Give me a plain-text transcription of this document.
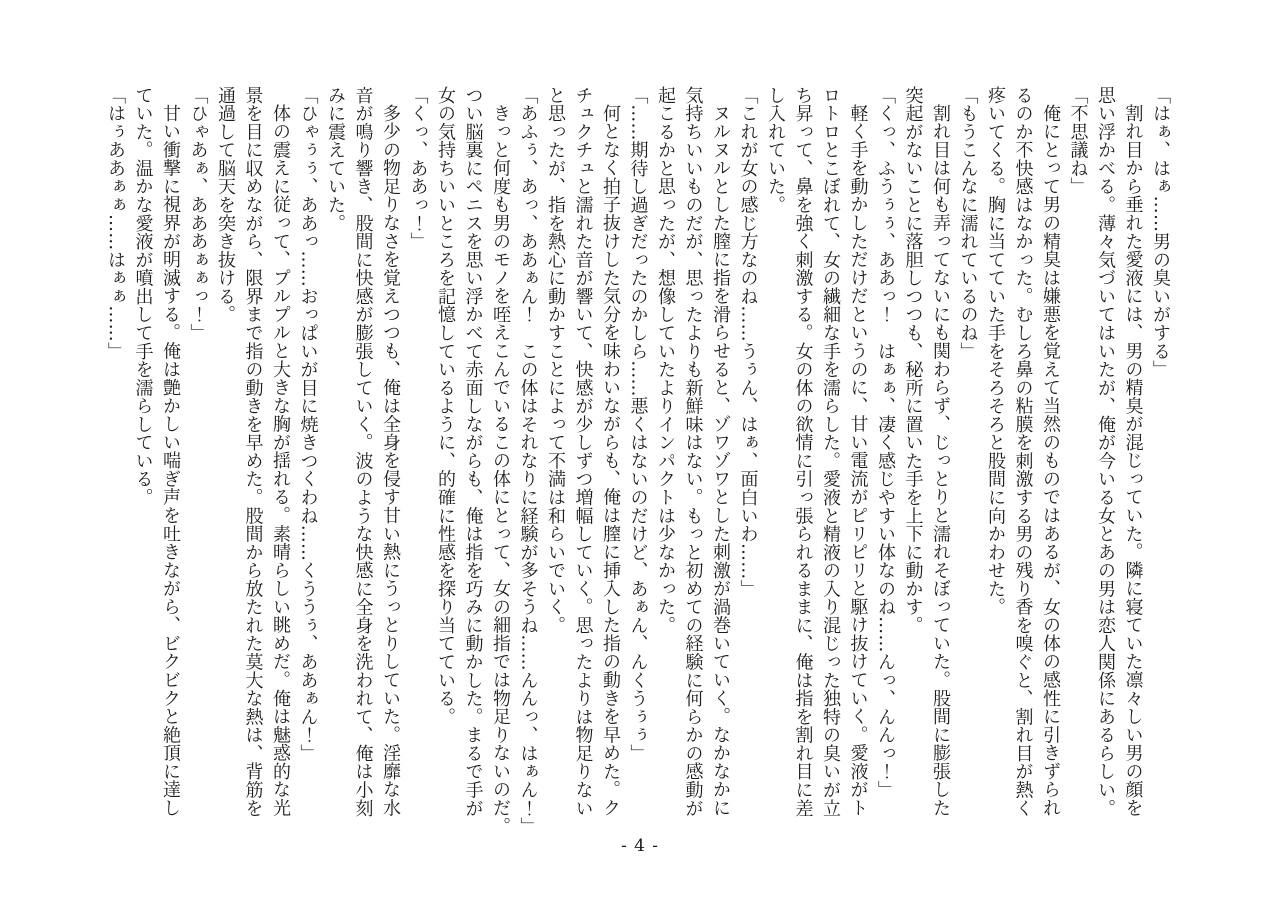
「はぁ、はぁ……男の臭いがする」
割れ目から垂れた愛液には、男の精臭が混じっていた。隣に寝ていた凛々しい男の顔を
思い浮かべる。薄々気づいてはいたが、俺が今いる女とあの男は恋人関係にあるらしい。
「不思議ね」
俺にとって男の精臭は嫌悪を覚えて当然のものではあるが、女の体の感性に引きずられ
るのか不快感はなかった。むしろ鼻の粘膜を刺激する男の残り香を嗅ぐと、割れ目が熱く
疼いてくる。胸に当てていた手をそろそろと股間に向かわせた。
「もうこんなに濡れているのね」
割れ目は何も弄ってないにも関わらず、じっとりと濡れそぼっていた。股間に膨張した
突起がないことに落胆しつつも、秘所に置いた手を上下に動かす。
「くっ、ふうぅぅ、ああっ！　はぁぁ、凄く感じやすい体なのね……んっ、んんっ！」
軽く手を動かしただけだというのに、甘い電流がピリピリと駆け抜けていく。愛液がト
ロトロとこぼれて、女の繊細な手を濡らした。愛液と精液の入り混じった独特の臭いが立
ち昇って、鼻を強く刺激する。女の体の欲情に引っ張られるままに、俺は指を割れ目に差
し入れていた。
「これが女の感じ方なのね……うぅん、はぁ、面白いわ……」
ヌルヌルとした膣に指を滑らせると、ゾワゾワとした刺激が渦巻いていく。なかなかに
気持ちいいものだが、思ったよりも新鮮味はない。もっと初めての経験に何らかの感動が
起こるかと思ったが、想像していたよりインパクトは少なかった。
「……期待し過ぎだったのかしら……悪くはないのだけど、あぁん、んくうぅぅ」
何となく拍子抜けした気分を味わいながらも、俺は膣に挿入した指の動きを早めた。ク
チュクチュと濡れた音が響いて、快感が少しずつ増幅していく。思ったよりは物足りない
と思ったが、指を熱心に動かすことによって不満は和らいでいく。
「あふぅ、あっ、ああぁん！　この体はそれなりに経験が多そうね……んんっ、はぁん！」
きっと何度も男のモノを咥えこんでいるこの体にとって、女の細指では物足りないのだ。
つい脳裏にペニスを思い浮かべて赤面しながらも、俺は指を巧みに動かした。まるで手が
女の気持ちいいところを記憶しているように、的確に性感を探り当てている。
「くっ、ああっ！」
多少の物足りなさを覚えつつも、俺は全身を侵す甘い熱にうっとりしていた。淫靡な水
音が鳴り響き、股間に快感が膨張していく。波のような快感に全身を洗われて、俺は小刻
みに震えていた。
「ひゃぅぅ、ああっ……おっぱいが目に焼きつくわね……くううぅ、ああぁん！」
体の震えに従って、プルプルと大きな胸が揺れる。素晴らしい眺めだ。俺は魅惑的な光
景を目に収めながら、限界まで指の動きを早めた。股間から放たれた莫大な熱は、背筋を
通過して脳天を突き抜ける。
「ひゃあぁ、あああぁぁっ！」
甘い衝撃に視界が明滅する。俺は艶かしい喘ぎ声を吐きながら、ビクビクと絶頂に達し
ていた。温かな愛液が噴出して手を濡らしている。
「はぅああぁぁ……はぁぁ……」
- 4 -
